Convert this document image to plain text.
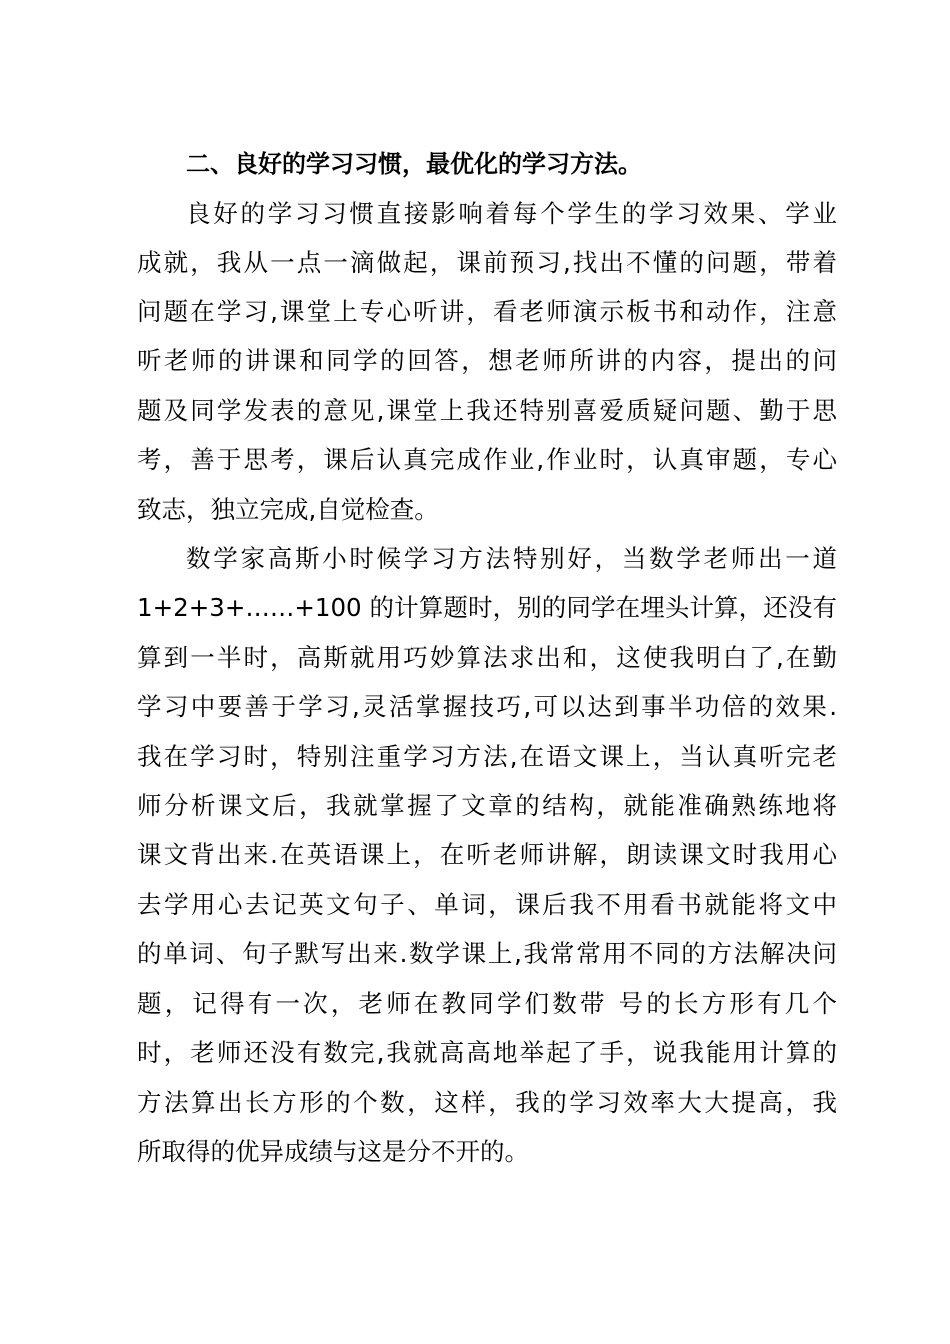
二、良好的学习习惯，最优化的学习方法。
良好的学习习惯直接影响着每个学生的学习效果、学业
成就，我从一点一滴做起，课前预习,找出不懂的问题，带着
问题在学习,课堂上专心听讲，看老师演示板书和动作，注意
听老师的讲课和同学的回答，想老师所讲的内容，提出的问
题及同学发表的意见,课堂上我还特别喜爱质疑问题、勤于思
考，善于思考，课后认真完成作业,作业时，认真审题，专心
致志，独立完成,自觉检查。
数学家高斯小时候学习方法特别好，当数学老师出一道
1+2+3+……+100 的计算题时，别的同学在埋头计算，还没有
算到一半时，高斯就用巧妙算法求出和，这使我明白了,在勤
学习中要善于学习,灵活掌握技巧,可以达到事半功倍的效果.
我在学习时，特别注重学习方法,在语文课上，当认真听完老
师分析课文后，我就掌握了文章的结构，就能准确熟练地将
课文背出来.在英语课上，在听老师讲解，朗读课文时我用心
去学用心去记英文句子、单词，课后我不用看书就能将文中
的单词、句子默写出来.数学课上,我常常用不同的方法解决问
题，记得有一次，老师在教同学们数带 号的长方形有几个
时，老师还没有数完,我就高高地举起了手，说我能用计算的
方法算出长方形的个数，这样，我的学习效率大大提高，我
所取得的优异成绩与这是分不开的。
